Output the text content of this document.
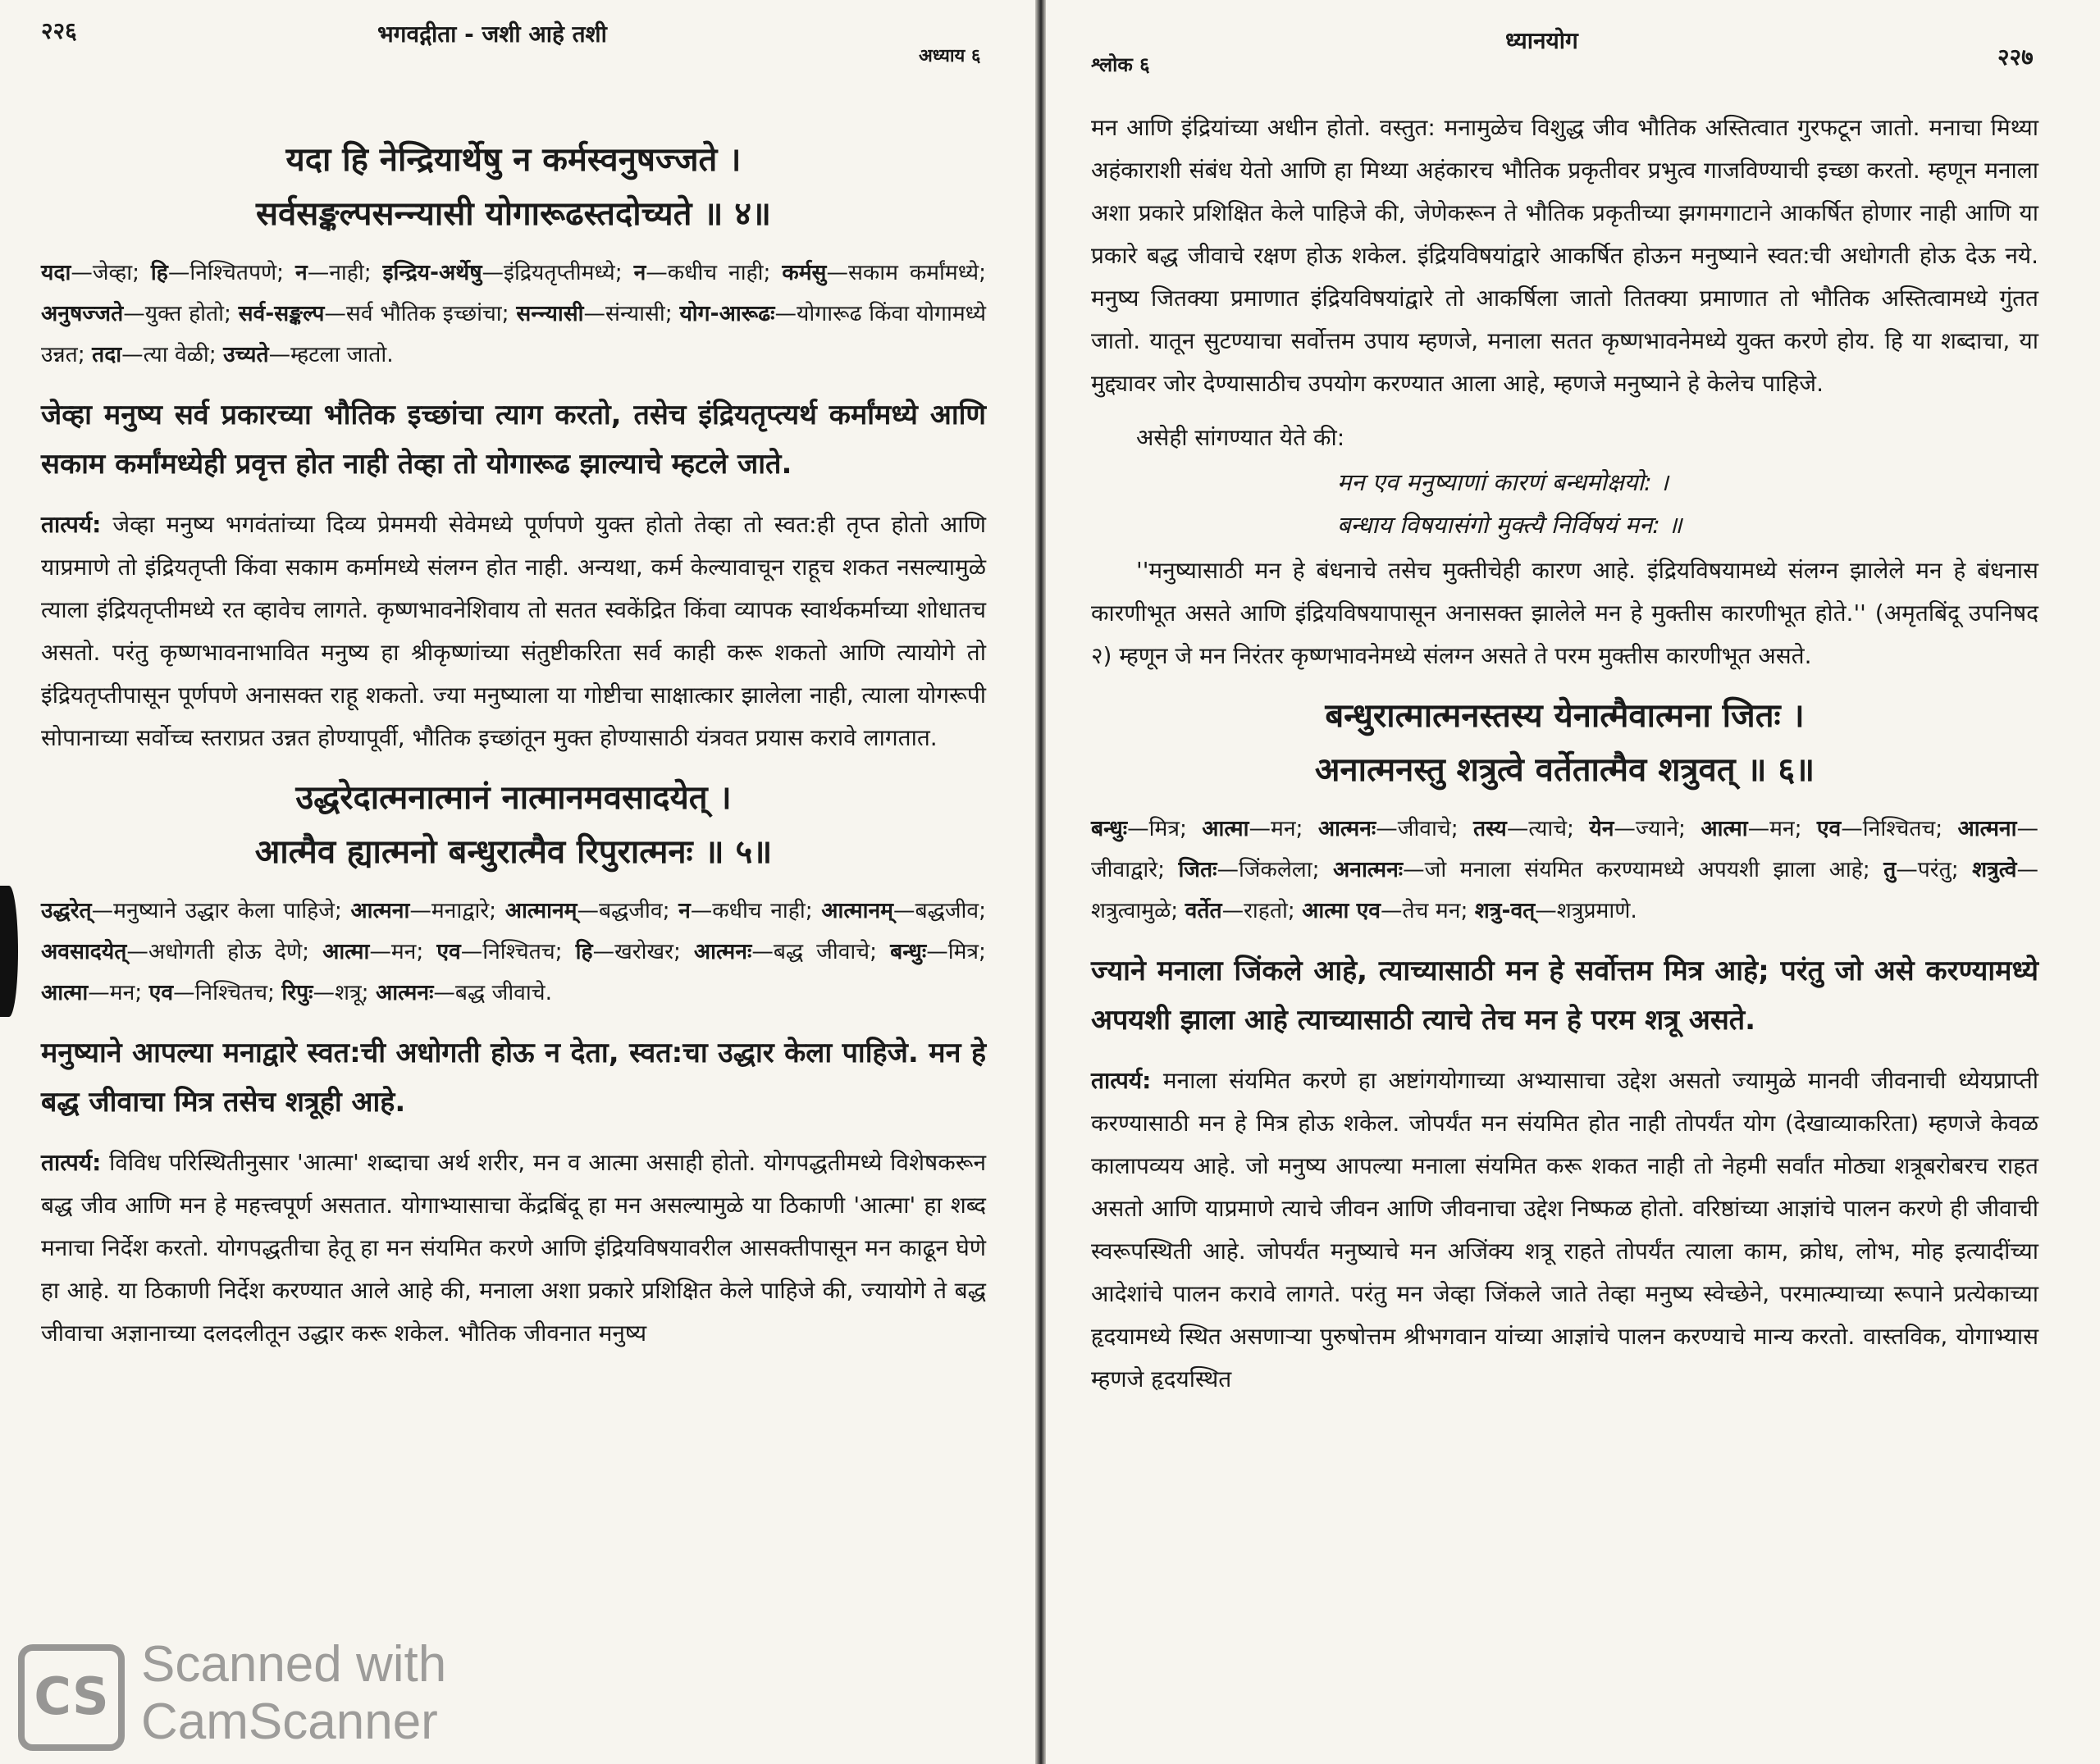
२२६	भगवद्गीता - जशी आहे तशी
अध्याय ६

यदा हि नेन्द्रियार्थेषु न कर्मस्वनुषज्जते ।

सर्वसङ्कल्पसन्न्यासी योगारूढस्तदोच्यते ॥ ४॥

यदा—जेव्हा; हि—निश्चितपणे; न—नाही; इन्द्रिय-अर्थेषु—इंद्रियतृप्तीमध्ये; न—कधीच नाही; कर्मसु—सकाम कर्मांमध्ये; अनुषज्जते—युक्त होतो; सर्व-सङ्कल्प—सर्व भौतिक इच्छांचा; सन्न्यासी—संन्यासी; योग-आरूढः—योगारूढ किंवा योगामध्ये उन्नत; तदा—त्या वेळी; उच्यते—म्हटला जातो.

जेव्हा मनुष्य सर्व प्रकारच्या भौतिक इच्छांचा त्याग करतो, तसेच इंद्रियतृप्त्यर्थ कर्मांमध्ये आणि सकाम कर्मांमध्येही प्रवृत्त होत नाही तेव्हा तो योगारूढ झाल्याचे म्हटले जाते.

तात्पर्य: जेव्हा मनुष्य भगवंतांच्या दिव्य प्रेममयी सेवेमध्ये पूर्णपणे युक्त होतो तेव्हा तो स्वत:ही तृप्त होतो आणि याप्रमाणे तो इंद्रियतृप्ती किंवा सकाम कर्मामध्ये संलग्न होत नाही. अन्यथा, कर्म केल्यावाचून राहूच शकत नसल्यामुळे त्याला इंद्रियतृप्तीमध्ये रत व्हावेच लागते. कृष्णभावनेशिवाय तो सतत स्वकेंद्रित किंवा व्यापक स्वार्थकर्माच्या शोधातच असतो. परंतु कृष्णभावनाभावित मनुष्य हा श्रीकृष्णांच्या संतुष्टीकरिता सर्व काही करू शकतो आणि त्यायोगे तो इंद्रियतृप्तीपासून पूर्णपणे अनासक्त राहू शकतो. ज्या मनुष्याला या गोष्टीचा साक्षात्कार झालेला नाही, त्याला योगरूपी सोपानाच्या सर्वोच्च स्तराप्रत उन्नत होण्यापूर्वी, भौतिक इच्छांतून मुक्त होण्यासाठी यंत्रवत प्रयास करावे लागतात.

उद्धरेदात्मनात्मानं नात्मानमवसादयेत् ।

आत्मैव ह्यात्मनो बन्धुरात्मैव रिपुरात्मनः ॥ ५॥

उद्धरेत्—मनुष्याने उद्धार केला पाहिजे; आत्मना—मनाद्वारे; आत्मानम्—बद्धजीव; न—कधीच नाही; आत्मानम्—बद्धजीव; अवसादयेत्—अधोगती होऊ देणे; आत्मा—मन; एव—निश्चितच; हि—खरोखर; आत्मनः—बद्ध जीवाचे; बन्धुः—मित्र; आत्मा—मन; एव—निश्चितच; रिपुः—शत्रू; आत्मनः—बद्ध जीवाचे.

मनुष्याने आपल्या मनाद्वारे स्वत:ची अधोगती होऊ न देता, स्वत:चा उद्धार केला पाहिजे. मन हे बद्ध जीवाचा मित्र तसेच शत्रूही आहे.

तात्पर्य: विविध परिस्थितीनुसार 'आत्मा' शब्दाचा अर्थ शरीर, मन व आत्मा असाही होतो. योगपद्धतीमध्ये विशेषकरून बद्ध जीव आणि मन हे महत्त्वपूर्ण असतात. योगाभ्यासाचा केंद्रबिंदू हा मन असल्यामुळे या ठिकाणी 'आत्मा' हा शब्द मनाचा निर्देश करतो. योगपद्धतीचा हेतू हा मन संयमित करणे आणि इंद्रियविषयावरील आसक्तीपासून मन काढून घेणे हा आहे. या ठिकाणी निर्देश करण्यात आले आहे की, मनाला अशा प्रकारे प्रशिक्षित केले पाहिजे की, ज्यायोगे ते बद्ध जीवाचा अज्ञानाच्या दलदलीतून उद्धार करू शकेल. भौतिक जीवनात मनुष्य

श्लोक ६
ध्यानयोग
२२७

मन आणि इंद्रियांच्या अधीन होतो. वस्तुत: मनामुळेच विशुद्ध जीव भौतिक अस्तित्वात गुरफटून जातो. मनाचा मिथ्या अहंकाराशी संबंध येतो आणि हा मिथ्या अहंकारच भौतिक प्रकृतीवर प्रभुत्व गाजविण्याची इच्छा करतो. म्हणून मनाला अशा प्रकारे प्रशिक्षित केले पाहिजे की, जेणेकरून ते भौतिक प्रकृतीच्या झगमगाटाने आकर्षित होणार नाही आणि या प्रकारे बद्ध जीवाचे रक्षण होऊ शकेल. इंद्रियविषयांद्वारे आकर्षित होऊन मनुष्याने स्वत:ची अधोगती होऊ देऊ नये. मनुष्य जितक्या प्रमाणात इंद्रियविषयांद्वारे तो आकर्षिला जातो तितक्या प्रमाणात तो भौतिक अस्तित्वामध्ये गुंतत जातो. यातून सुटण्याचा सर्वोत्तम उपाय म्हणजे, मनाला सतत कृष्णभावनेमध्ये युक्त करणे होय. हि या शब्दाचा, या मुद्द्यावर जोर देण्यासाठीच उपयोग करण्यात आला आहे, म्हणजे मनुष्याने हे केलेच पाहिजे.

असेही सांगण्यात येते की:

मन एव मनुष्याणां कारणं बन्धमोक्षयो: ।

बन्धाय विषयासंगो मुक्त्यै निर्विषयं मन: ॥

''मनुष्यासाठी मन हे बंधनाचे तसेच मुक्तीचेही कारण आहे. इंद्रियविषयामध्ये संलग्न झालेले मन हे बंधनास कारणीभूत असते आणि इंद्रियविषयापासून अनासक्त झालेले मन हे मुक्तीस कारणीभूत होते.'' (अमृतबिंदू उपनिषद २) म्हणून जे मन निरंतर कृष्णभावनेमध्ये संलग्न असते ते परम मुक्तीस कारणीभूत असते.

बन्धुरात्मात्मनस्तस्य येनात्मैवात्मना जितः ।

अनात्मनस्तु शत्रुत्वे वर्तेतात्मैव शत्रुवत् ॥ ६॥

बन्धुः—मित्र; आत्मा—मन; आत्मनः—जीवाचे; तस्य—त्याचे; येन—ज्याने; आत्मा—मन; एव—निश्चितच; आत्मना—जीवाद्वारे; जितः—जिंकलेला; अनात्मनः—जो मनाला संयमित करण्यामध्ये अपयशी झाला आहे; तु—परंतु; शत्रुत्वे—शत्रुत्वामुळे; वर्तेत—राहतो; आत्मा एव—तेच मन; शत्रु-वत्—शत्रुप्रमाणे.

ज्याने मनाला जिंकले आहे, त्याच्यासाठी मन हे सर्वोत्तम मित्र आहे; परंतु जो असे करण्यामध्ये अपयशी झाला आहे त्याच्यासाठी त्याचे तेच मन हे परम शत्रू असते.

तात्पर्य: मनाला संयमित करणे हा अष्टांगयोगाच्या अभ्यासाचा उद्देश असतो ज्यामुळे मानवी जीवनाची ध्येयप्राप्ती करण्यासाठी मन हे मित्र होऊ शकेल. जोपर्यंत मन संयमित होत नाही तोपर्यंत योग (देखाव्याकरिता) म्हणजे केवळ कालापव्यय आहे. जो मनुष्य आपल्या मनाला संयमित करू शकत नाही तो नेहमी सर्वांत मोठ्या शत्रूबरोबरच राहत असतो आणि याप्रमाणे त्याचे जीवन आणि जीवनाचा उद्देश निष्फळ होतो. वरिष्ठांच्या आज्ञांचे पालन करणे ही जीवाची स्वरूपस्थिती आहे. जोपर्यंत मनुष्याचे मन अजिंक्य शत्रू राहते तोपर्यंत त्याला काम, क्रोध, लोभ, मोह इत्यादींच्या आदेशांचे पालन करावे लागते. परंतु मन जेव्हा जिंकले जाते तेव्हा मनुष्य स्वेच्छेने, परमात्म्याच्या रूपाने प्रत्येकाच्या हृदयामध्ये स्थित असणाऱ्या पुरुषोत्तम श्रीभगवान यांच्या आज्ञांचे पालन करण्याचे मान्य करतो. वास्तविक, योगाभ्यास म्हणजे हृदयस्थित

CS

Scanned with

CamScanner
